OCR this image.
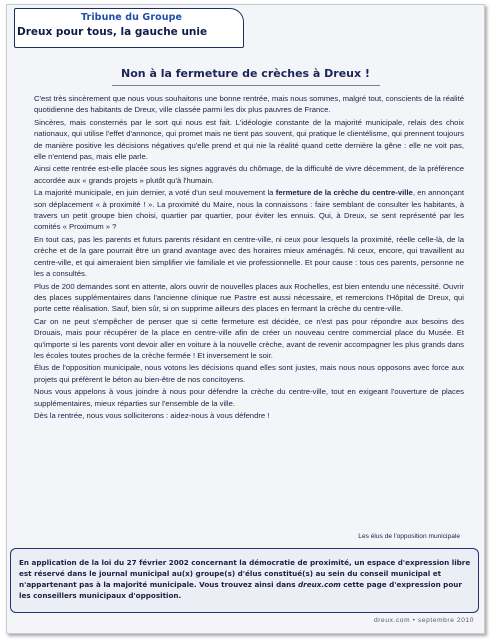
Tribune du Groupe
Dreux pour tous, la gauche unie
Non à la fermeture de crèches à Dreux !

C'est très sincèrement que nous vous souhaitons une bonne rentrée, mais nous sommes, malgré tout, conscients de la réalité quotidienne des habitants de Dreux, ville classée parmi les dix plus pauvres de France.

Sincères, mais consternés par le sort qui nous est fait. L'idéologie constante de la majorité municipale, relais des choix nationaux, qui utilise l'effet d'annonce, qui promet mais ne tient pas souvent, qui pratique le clientélisme, qui prennent toujours de manière positive les décisions négatives qu'elle prend et qui nie la réalité quand cette dernière la gêne : elle ne voit pas, elle n'entend pas, mais elle parle.

Ainsi cette rentrée est-elle placée sous les signes aggravés du chômage, de la difficulté de vivre décemment, de la préférence accordée aux « grands projets » plutôt qu'à l'humain.

La majorité municipale, en juin dernier, a voté d'un seul mouvement la fermeture de la crèche du centre-ville, en annonçant son déplacement « à proximité ! ». La proximité du Maire, nous la connaissons : faire semblant de consulter les habitants, à travers un petit groupe bien choisi, quartier par quartier, pour éviter les ennuis. Qui, à Dreux, se sent représenté par les comités « Proximum » ?

En tout cas, pas les parents et futurs parents résidant en centre-ville, ni ceux pour lesquels la proximité, réelle celle-là, de la crèche et de la gare pourrait être un grand avantage avec des horaires mieux aménagés. Ni ceux, encore, qui travaillent au centre-ville, et qui aimeraient bien simplifier vie familiale et vie professionnelle. Et pour cause : tous ces parents, personne ne les a consultés.

Plus de 200 demandes sont en attente, alors ouvrir de nouvelles places aux Rochelles, est bien entendu une nécessité. Ouvrir des places supplémentaires dans l'ancienne clinique rue Pastre est aussi nécessaire, et remercions l'Hôpital de Dreux, qui porte cette réalisation. Sauf, bien sûr, si on supprime ailleurs des places en fermant la crèche du centre-ville.

Car on ne peut s'empêcher de penser que si cette fermeture est décidée, ce n'est pas pour répondre aux besoins des Drouais, mais pour récupérer de la place en centre-ville afin de créer un nouveau centre commercial place du Musée. Et qu'importe si les parents vont devoir aller en voiture à la nouvelle crèche, avant de revenir accompagner les plus grands dans les écoles toutes proches de la crèche fermée ! Et inversement le soir.

Élus de l'opposition municipale, nous votons les décisions quand elles sont justes, mais nous nous opposons avec force aux projets qui préfèrent le béton au bien-être de nos concitoyens.

Nous vous appelons à vous joindre à nous pour défendre la crèche du centre-ville, tout en exigeant l'ouverture de places supplémentaires, mieux réparties sur l'ensemble de la ville.

Dès la rentrée, nous vous solliciterons : aidez-nous à vous défendre !

Les élus de l'opposition municipale
En application de la loi du 27 février 2002 concernant la démocratie de proximité, un espace d'expression libre est réservé dans le journal municipal au(x) groupe(s) d'élus constitué(s) au sein du conseil municipal et n'appartenant pas à la majorité municipale. Vous trouvez ainsi dans dreux.com cette page d'expression pour les conseillers municipaux d'opposition.
dreux.com • septembre 2010
